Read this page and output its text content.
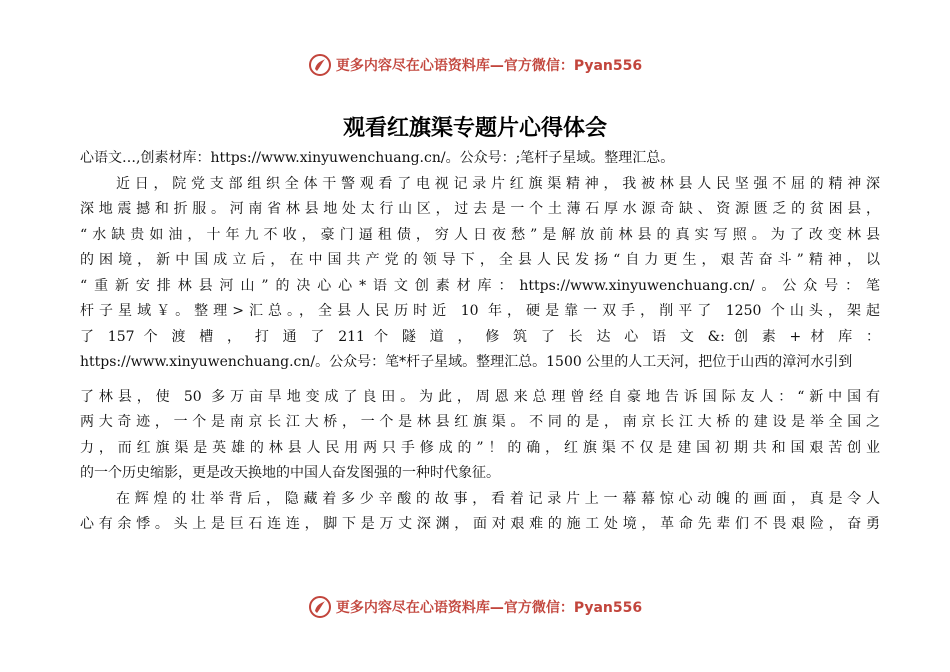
更多内容尽在心语资料库—官方微信：Pyan556
观看红旗渠专题片心得体会
心语文…,创素材库：https://www.xinyuwenchuang.cn/。公众号：;笔杆子星域。整理汇总。
近日，院党支部组织全体干警观看了电视记录片红旗渠精神，我被林县人民坚强不屈的精神深
深地震撼和折服。河南省林县地处太行山区，过去是一个土薄石厚水源奇缺、资源匮乏的贫困县，
“水缺贵如油，十年九不收，豪门逼租债，穷人日夜愁”是解放前林县的真实写照。为了改变林县
的困境，新中国成立后，在中国共产党的领导下，全县人民发扬“自力更生，艰苦奋斗”精神，以
“重新安排林县河山”的决心心*语文创素材库：https://www.xinyuwenchuang.cn/。公众号：笔
杆子星域￥。整理>汇总。，全县人民历时近 10 年，硬是靠一双手，削平了 1250 个山头，架起
了 157 个 渡 槽 ， 打 通 了 211 个 隧 道 ， 修 筑 了 长 达 心 语 文 &: 创 素 + 材 库 ：
https://www.xinyuwenchuang.cn/。公众号：笔*杆子星域。整理汇总。1500 公里的人工天河，把位于山西的漳河水引到
了林县，使 50 多万亩旱地变成了良田。为此，周恩来总理曾经自豪地告诉国际友人：“新中国有
两大奇迹，一个是南京长江大桥，一个是林县红旗渠。不同的是，南京长江大桥的建设是举全国之
力，而红旗渠是英雄的林县人民用两只手修成的”！的确，红旗渠不仅是建国初期共和国艰苦创业
的一个历史缩影，更是改天换地的中国人奋发图强的一种时代象征。
在辉煌的壮举背后，隐藏着多少辛酸的故事，看着记录片上一幕幕惊心动魄的画面，真是令人
心有余悸。头上是巨石连连，脚下是万丈深渊，面对艰难的施工处境，革命先辈们不畏艰险，奋勇
更多内容尽在心语资料库—官方微信：Pyan556
